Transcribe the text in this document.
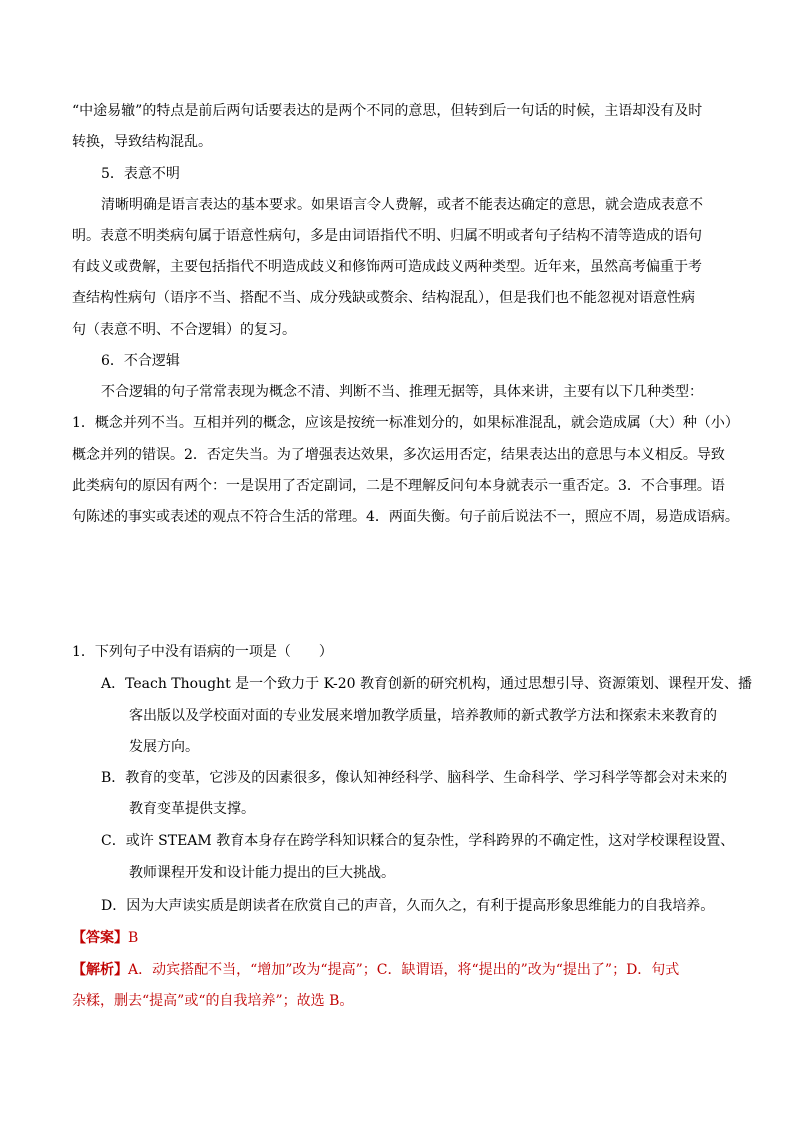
“中途易辙”的特点是前后两句话要表达的是两个不同的意思，但转到后一句话的时候，主语却没有及时
转换，导致结构混乱。
5．表意不明
清晰明确是语言表达的基本要求。如果语言令人费解，或者不能表达确定的意思，就会造成表意不
明。表意不明类病句属于语意性病句，多是由词语指代不明、归属不明或者句子结构不清等造成的语句
有歧义或费解，主要包括指代不明造成歧义和修饰两可造成歧义两种类型。近年来，虽然高考偏重于考
查结构性病句（语序不当、搭配不当、成分残缺或赘余、结构混乱），但是我们也不能忽视对语意性病
句（表意不明、不合逻辑）的复习。
6．不合逻辑
不合逻辑的句子常常表现为概念不清、判断不当、推理无据等，具体来讲，主要有以下几种类型：
1．概念并列不当。互相并列的概念，应该是按统一标准划分的，如果标准混乱，就会造成属（大）种（小）
概念并列的错误。2．否定失当。为了增强表达效果，多次运用否定，结果表达出的意思与本义相反。导致
此类病句的原因有两个：一是误用了否定副词，二是不理解反问句本身就表示一重否定。3．不合事理。语
句陈述的事实或表述的观点不符合生活的常理。4．两面失衡。句子前后说法不一，照应不周，易造成语病。
1．下列句子中没有语病的一项是（　　）
A．Teach Thought 是一个致力于 K-20 教育创新的研究机构，通过思想引导、资源策划、课程开发、播
客出版以及学校面对面的专业发展来增加教学质量，培养教师的新式教学方法和探索未来教育的
发展方向。
B．教育的变革，它涉及的因素很多，像认知神经科学、脑科学、生命科学、学习科学等都会对未来的
教育变革提供支撑。
C．或许 STEAM 教育本身存在跨学科知识糅合的复杂性，学科跨界的不确定性，这对学校课程设置、
教师课程开发和设计能力提出的巨大挑战。
D．因为大声读实质是朗读者在欣赏自己的声音，久而久之，有利于提高形象思维能力的自我培养。
【答案】B
【解析】A．动宾搭配不当，“增加”改为“提高”；C．缺谓语，将“提出的”改为“提出了”；D．句式
杂糅，删去“提高”或“的自我培养”；故选 B。
